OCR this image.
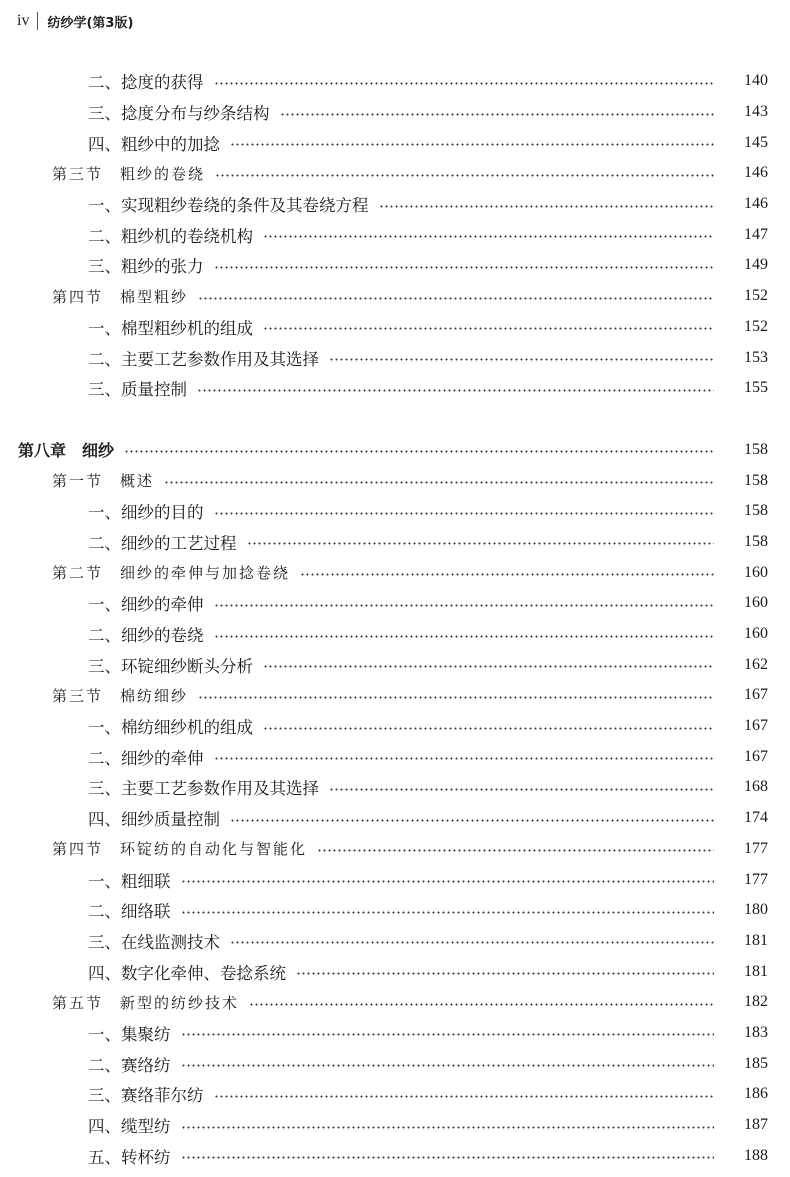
iv 纺纱学(第3版)
二、捻度的获得	140
三、捻度分布与纱条结构	143
四、粗纱中的加捻	145
第三节　粗纱的卷绕	146
一、实现粗纱卷绕的条件及其卷绕方程	146
二、粗纱机的卷绕机构	147
三、粗纱的张力	149
第四节　棉型粗纱	152
一、棉型粗纱机的组成	152
二、主要工艺参数作用及其选择	153
三、质量控制	155
第八章　细纱	158
第一节　概述	158
一、细纱的目的	158
二、细纱的工艺过程	158
第二节　细纱的牵伸与加捻卷绕	160
一、细纱的牵伸	160
二、细纱的卷绕	160
三、环锭细纱断头分析	162
第三节　棉纺细纱	167
一、棉纺细纱机的组成	167
二、细纱的牵伸	167
三、主要工艺参数作用及其选择	168
四、细纱质量控制	174
第四节　环锭纺的自动化与智能化	177
一、粗细联	177
二、细络联	180
三、在线监测技术	181
四、数字化牵伸、卷捻系统	181
第五节　新型的纺纱技术	182
一、集聚纺	183
二、赛络纺	185
三、赛络菲尔纺	186
四、缆型纺	187
五、转杯纺	188
